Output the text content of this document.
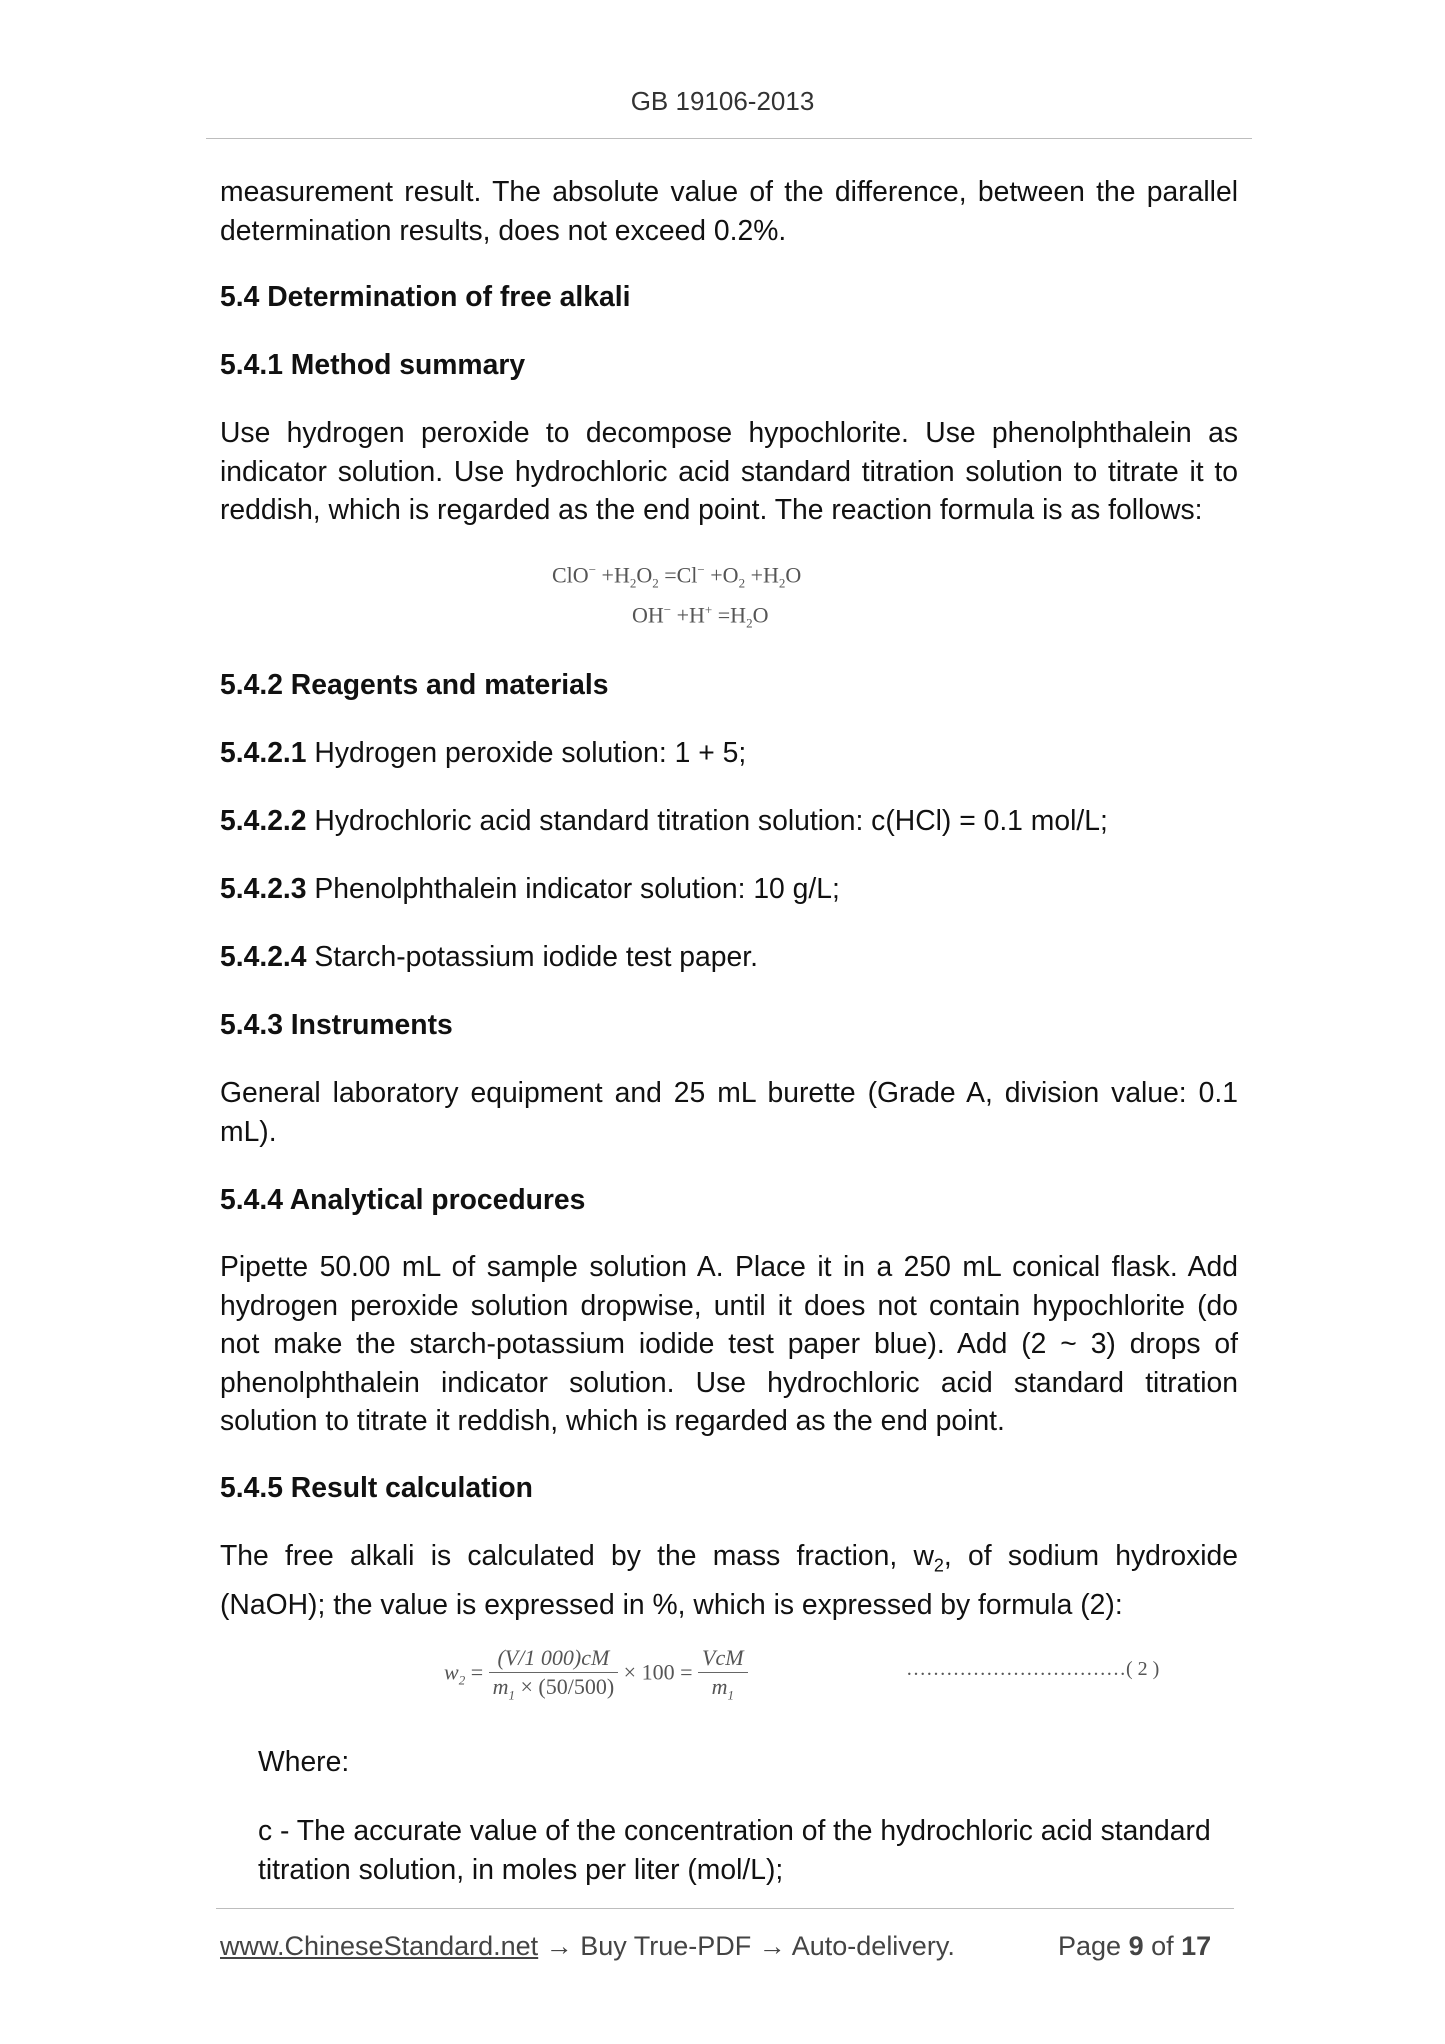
GB 19106-2013

measurement result. The absolute value of the difference, between the parallel determination results, does not exceed 0.2%.

5.4 Determination of free alkali

5.4.1 Method summary

Use hydrogen peroxide to decompose hypochlorite. Use phenolphthalein as indicator solution. Use hydrochloric acid standard titration solution to titrate it to reddish, which is regarded as the end point. The reaction formula is as follows:

$ClO^- +H_2O_2 =Cl^- +O_2 +H_2O$
$OH^- +H^+ =H_2O$

5.4.2 Reagents and materials

5.4.2.1 Hydrogen peroxide solution: 1 + 5;

5.4.2.2 Hydrochloric acid standard titration solution: c(HCl) = 0.1 mol/L;

5.4.2.3 Phenolphthalein indicator solution: 10 g/L;

5.4.2.4 Starch-potassium iodide test paper.

5.4.3 Instruments

General laboratory equipment and 25 mL burette (Grade A, division value: 0.1 mL).

5.4.4 Analytical procedures

Pipette 50.00 mL of sample solution A. Place it in a 250 mL conical flask. Add hydrogen peroxide solution dropwise, until it does not contain hypochlorite (do not make the starch-potassium iodide test paper blue). Add (2 ~ 3) drops of phenolphthalein indicator solution. Use hydrochloric acid standard titration solution to titrate it reddish, which is regarded as the end point.

5.4.5 Result calculation

The free alkali is calculated by the mass fraction, $w_2$, of sodium hydroxide (NaOH); the value is expressed in %, which is expressed by formula (2):

$w_2 = \frac{(V/1 000)cM}{m_1 \times (50/500)} \times 100 = \frac{\text{VcM}}{m_1}$	……………………………( 2 )

Where:

c - The accurate value of the concentration of the hydrochloric acid standard titration solution, in moles per liter (mol/L);

www.ChineseStandard.net → Buy True-PDF → Auto-delivery.	Page 9 of 17
